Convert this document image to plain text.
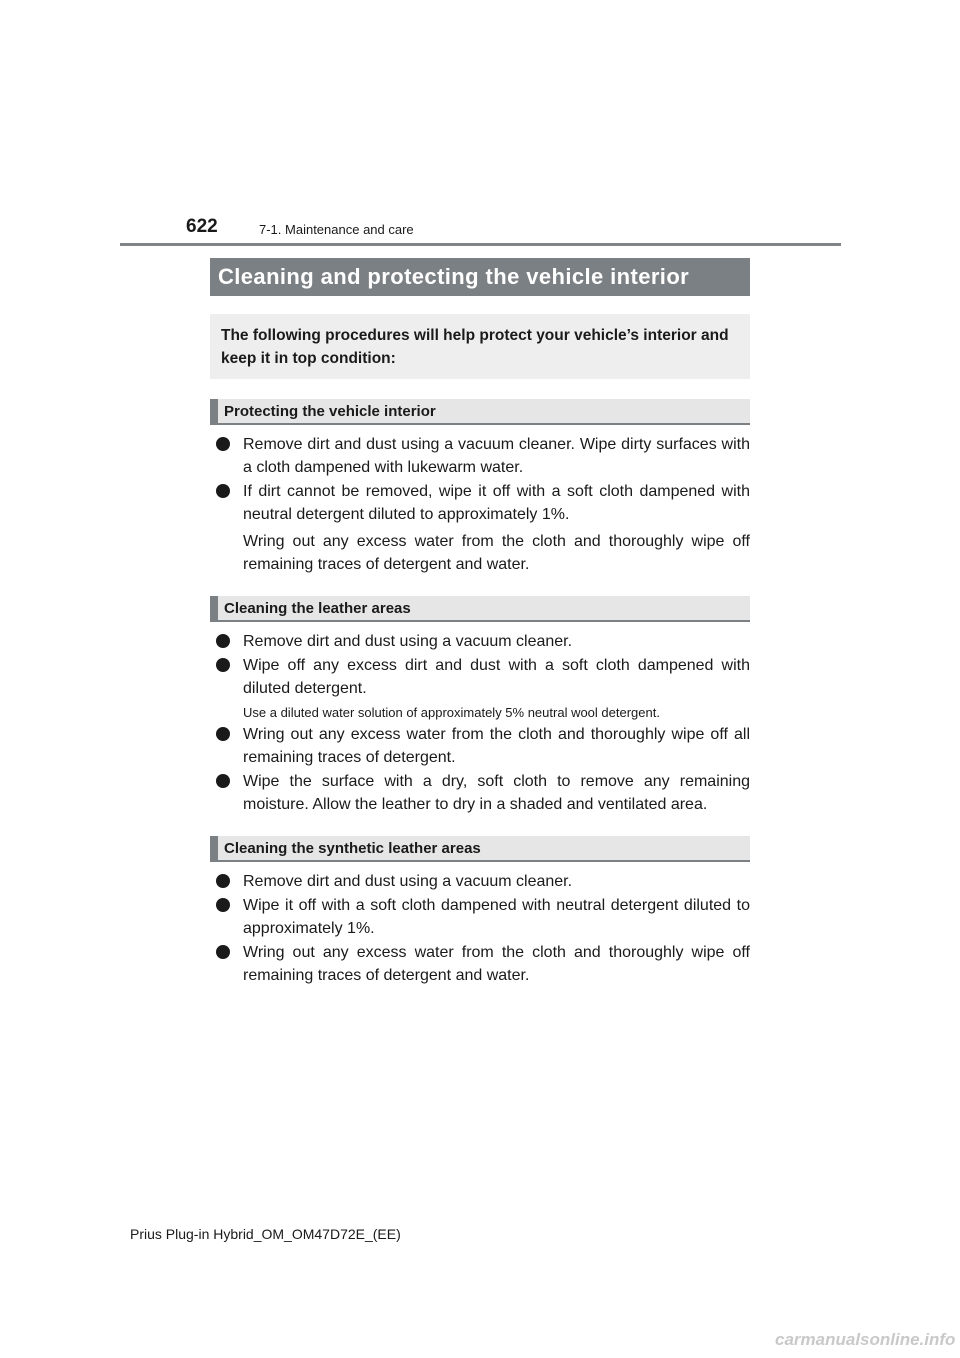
622	7-1. Maintenance and care
Cleaning and protecting the vehicle interior
The following procedures will help protect your vehicle’s interior and keep it in top condition:
Protecting the vehicle interior
Remove dirt and dust using a vacuum cleaner. Wipe dirty surfaces with a cloth dampened with lukewarm water.
If dirt cannot be removed, wipe it off with a soft cloth dampened with neutral detergent diluted to approximately 1%.
Wring out any excess water from the cloth and thoroughly wipe off remaining traces of detergent and water.
Cleaning the leather areas
Remove dirt and dust using a vacuum cleaner.
Wipe off any excess dirt and dust with a soft cloth dampened with diluted detergent.
Use a diluted water solution of approximately 5% neutral wool detergent.
Wring out any excess water from the cloth and thoroughly wipe off all remaining traces of detergent.
Wipe the surface with a dry, soft cloth to remove any remaining moisture. Allow the leather to dry in a shaded and ventilated area.
Cleaning the synthetic leather areas
Remove dirt and dust using a vacuum cleaner.
Wipe it off with a soft cloth dampened with neutral detergent diluted to approximately 1%.
Wring out any excess water from the cloth and thoroughly wipe off remaining traces of detergent and water.
Prius Plug-in Hybrid_OM_OM47D72E_(EE)
carmanualsonline.info
